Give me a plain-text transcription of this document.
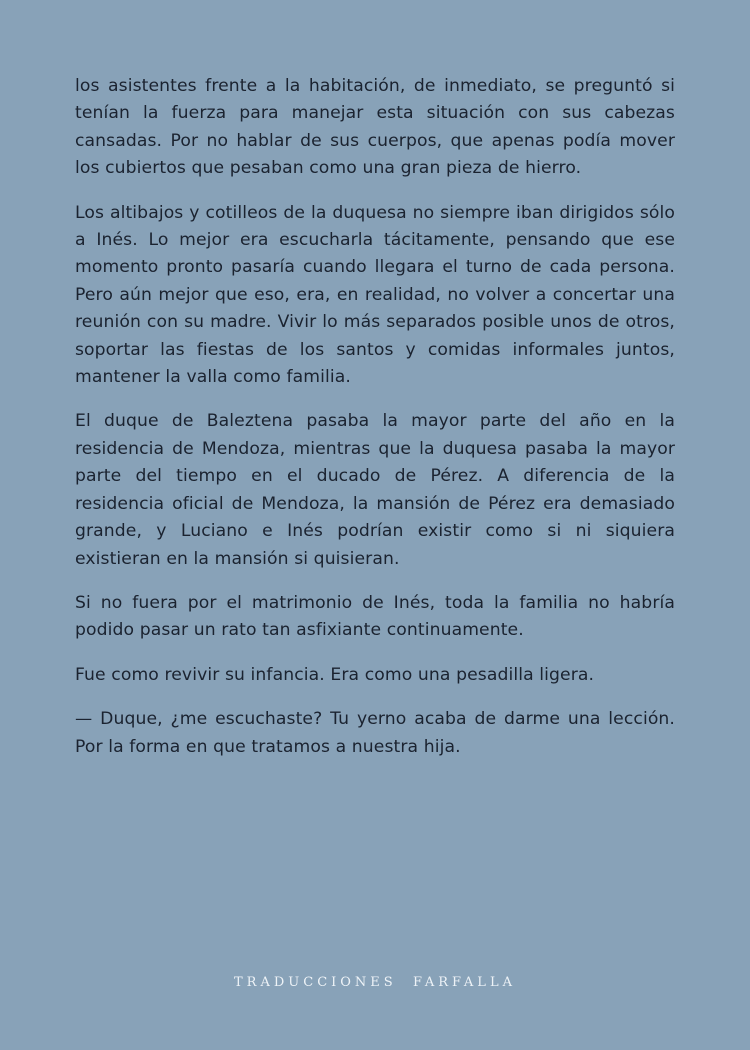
los asistentes frente a la habitación, de inmediato, se preguntó si tenían la fuerza para manejar esta situación con sus cabezas cansadas. Por no hablar de sus cuerpos, que apenas podía mover los cubiertos que pesaban como una gran pieza de hierro.

Los altibajos y cotilleos de la duquesa no siempre iban dirigidos sólo a Inés. Lo mejor era escucharla tácitamente, pensando que ese momento pronto pasaría cuando llegara el turno de cada persona. Pero aún mejor que eso, era, en realidad, no volver a concertar una reunión con su madre. Vivir lo más separados posible unos de otros, soportar las fiestas de los santos y comidas informales juntos, mantener la valla como familia.

El duque de Baleztena pasaba la mayor parte del año en la residencia de Mendoza, mientras que la duquesa pasaba la mayor parte del tiempo en el ducado de Pérez. A diferencia de la residencia oficial de Mendoza, la mansión de Pérez era demasiado grande, y Luciano e Inés podrían existir como si ni siquiera existieran en la mansión si quisieran.

Si no fuera por el matrimonio de Inés, toda la familia no habría podido pasar un rato tan asfixiante continuamente.

Fue como revivir su infancia. Era como una pesadilla ligera.

— Duque, ¿me escuchaste? Tu yerno acaba de darme una lección. Por la forma en que tratamos a nuestra hija.

TRADUCCIONES  FARFALLA
